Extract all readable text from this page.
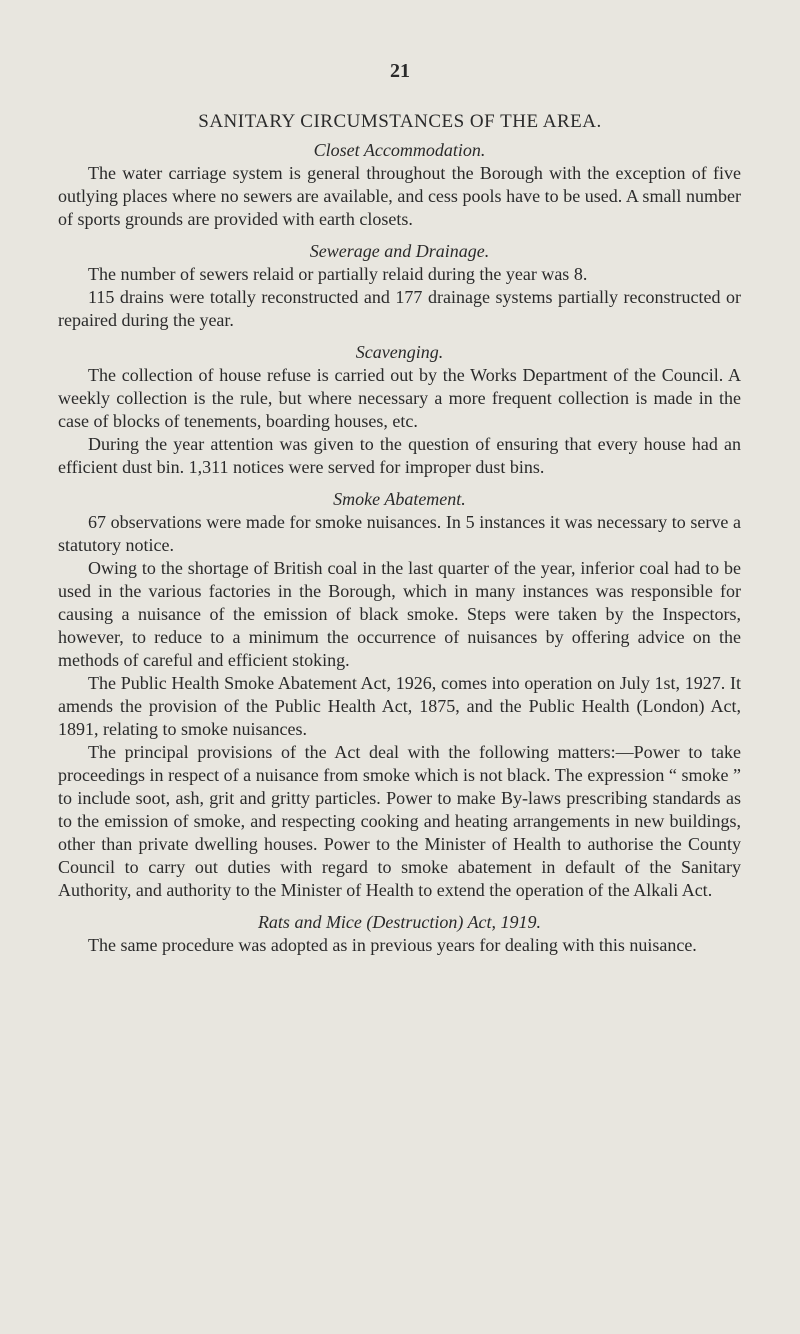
21
SANITARY CIRCUMSTANCES OF THE AREA.

Closet Accommodation.

The water carriage system is general throughout the Borough with the exception of five outlying places where no sewers are available, and cess pools have to be used. A small number of sports grounds are provided with earth closets.

Sewerage and Drainage.

The number of sewers relaid or partially relaid during the year was 8.

115 drains were totally reconstructed and 177 drainage systems partially reconstructed or repaired during the year.

Scavenging.

The collection of house refuse is carried out by the Works Department of the Council. A weekly collection is the rule, but where necessary a more frequent collection is made in the case of blocks of tenements, boarding houses, etc.

During the year attention was given to the question of ensuring that every house had an efficient dust bin. 1,311 notices were served for improper dust bins.

Smoke Abatement.

67 observations were made for smoke nuisances. In 5 instances it was necessary to serve a statutory notice.

Owing to the shortage of British coal in the last quarter of the year, inferior coal had to be used in the various factories in the Borough, which in many instances was responsible for causing a nuisance of the emission of black smoke. Steps were taken by the Inspectors, however, to reduce to a minimum the occurrence of nuisances by offering advice on the methods of careful and efficient stoking.

The Public Health Smoke Abatement Act, 1926, comes into operation on July 1st, 1927. It amends the provision of the Public Health Act, 1875, and the Public Health (London) Act, 1891, relating to smoke nuisances.

The principal provisions of the Act deal with the following matters:—Power to take proceedings in respect of a nuisance from smoke which is not black. The expression “ smoke ” to include soot, ash, grit and gritty particles. Power to make By-laws prescribing standards as to the emission of smoke, and respecting cooking and heating arrangements in new buildings, other than private dwelling houses. Power to the Minister of Health to authorise the County Council to carry out duties with regard to smoke abatement in default of the Sanitary Authority, and authority to the Minister of Health to extend the operation of the Alkali Act.

Rats and Mice (Destruction) Act, 1919.

The same procedure was adopted as in previous years for dealing with this nuisance.
